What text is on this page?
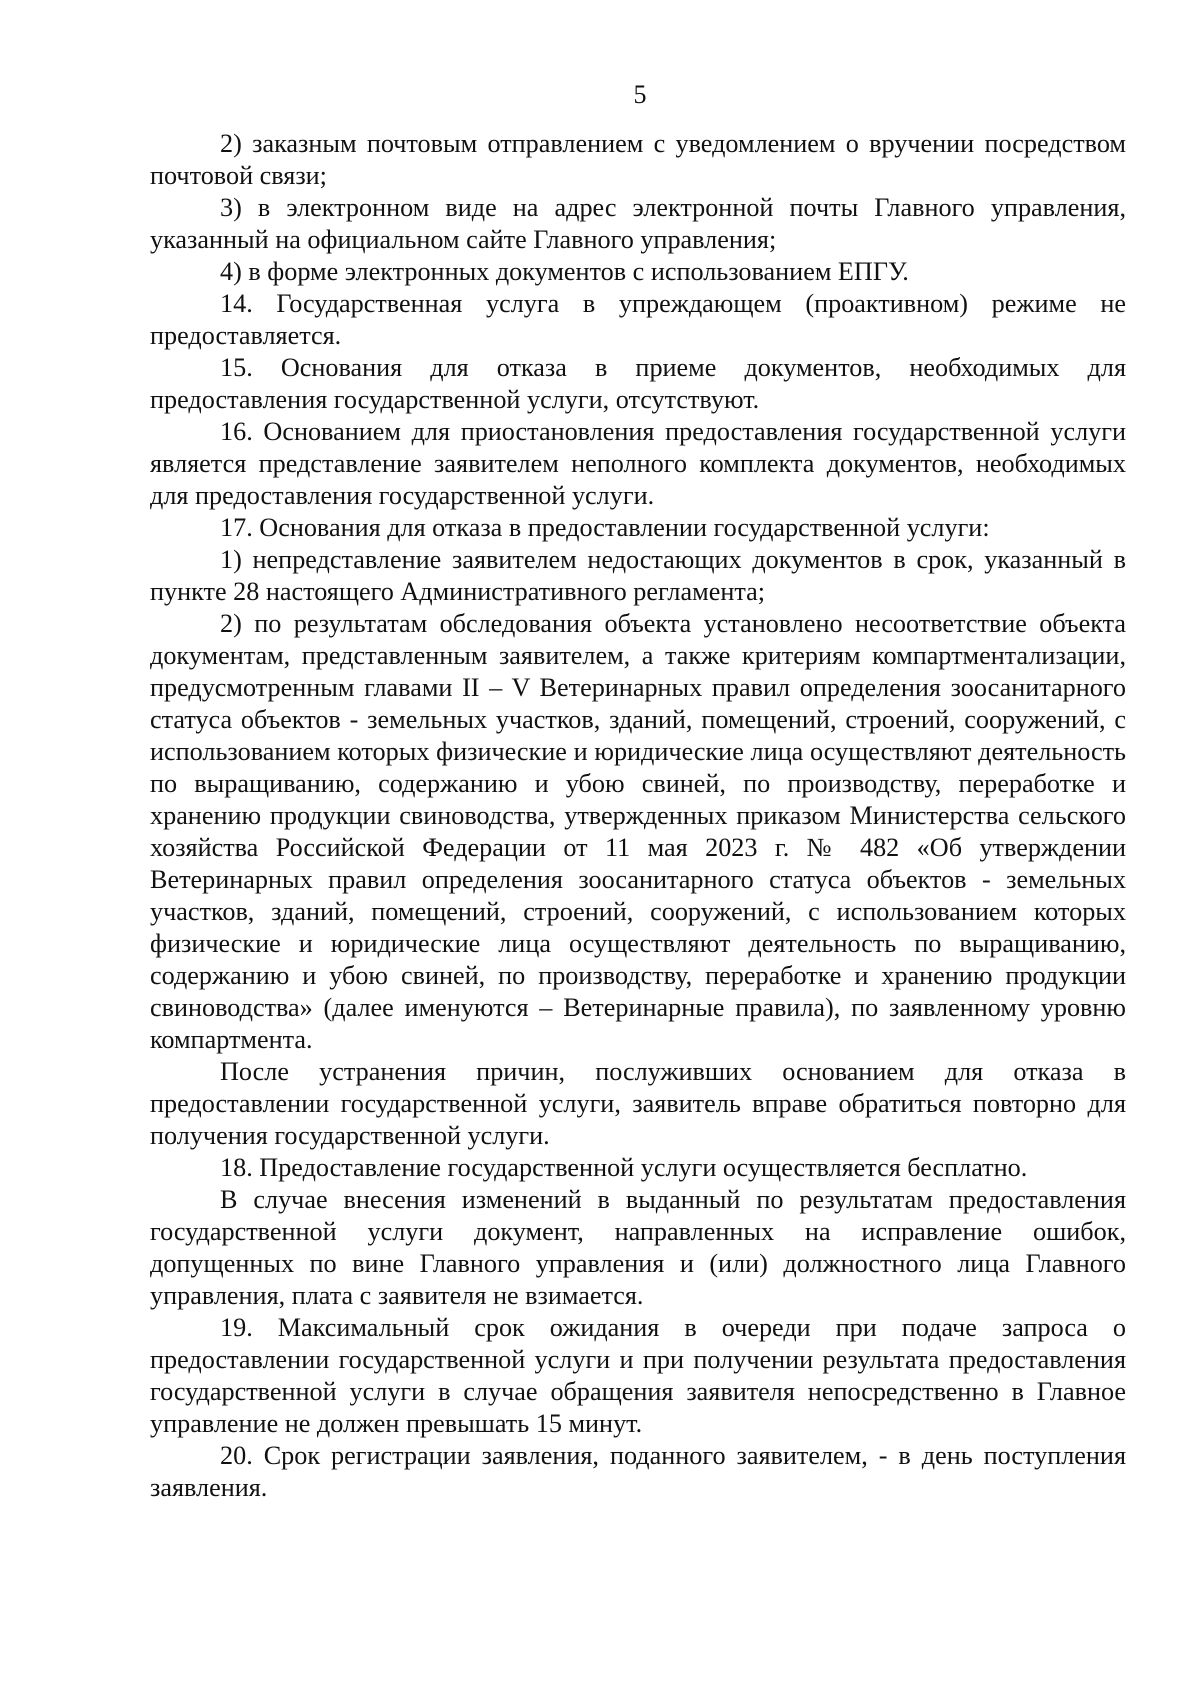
5

2) заказным почтовым отправлением с уведомлением о вручении посредством почтовой связи;

3) в электронном виде на адрес электронной почты Главного управления, указанный на официальном сайте Главного управления;

4) в форме электронных документов с использованием ЕПГУ.

14. Государственная услуга в упреждающем (проактивном) режиме не предоставляется.

15. Основания для отказа в приеме документов, необходимых для предоставления государственной услуги, отсутствуют.

16. Основанием для приостановления предоставления государственной услуги является представление заявителем неполного комплекта документов, необходимых для предоставления государственной услуги.

17. Основания для отказа в предоставлении государственной услуги:

1) непредставление заявителем недостающих документов в срок, указанный в пункте 28 настоящего Административного регламента;

2) по результатам обследования объекта установлено несоответствие объекта документам, представленным заявителем, а также критериям компартментализации, предусмотренным главами II – V Ветеринарных правил определения зоосанитарного статуса объектов - земельных участков, зданий, помещений, строений, сооружений, с использованием которых физические и юридические лица осуществляют деятельность по выращиванию, содержанию и убою свиней, по производству, переработке и хранению продукции свиноводства, утвержденных приказом Министерства сельского хозяйства Российской Федерации от 11 мая 2023 г. № 482 «Об утверждении Ветеринарных правил определения зоосанитарного статуса объектов - земельных участков, зданий, помещений, строений, сооружений, с использованием которых физические и юридические лица осуществляют деятельность по выращиванию, содержанию и убою свиней, по производству, переработке и хранению продукции свиноводства» (далее именуются – Ветеринарные правила), по заявленному уровню компартмента.

После устранения причин, послуживших основанием для отказа в предоставлении государственной услуги, заявитель вправе обратиться повторно для получения государственной услуги.

18. Предоставление государственной услуги осуществляется бесплатно.

В случае внесения изменений в выданный по результатам предоставления государственной услуги документ, направленных на исправление ошибок, допущенных по вине Главного управления и (или) должностного лица Главного управления, плата с заявителя не взимается.

19. Максимальный срок ожидания в очереди при подаче запроса о предоставлении государственной услуги и при получении результата предоставления государственной услуги в случае обращения заявителя непосредственно в Главное управление не должен превышать 15 минут.

20. Срок регистрации заявления, поданного заявителем, - в день поступления заявления.
